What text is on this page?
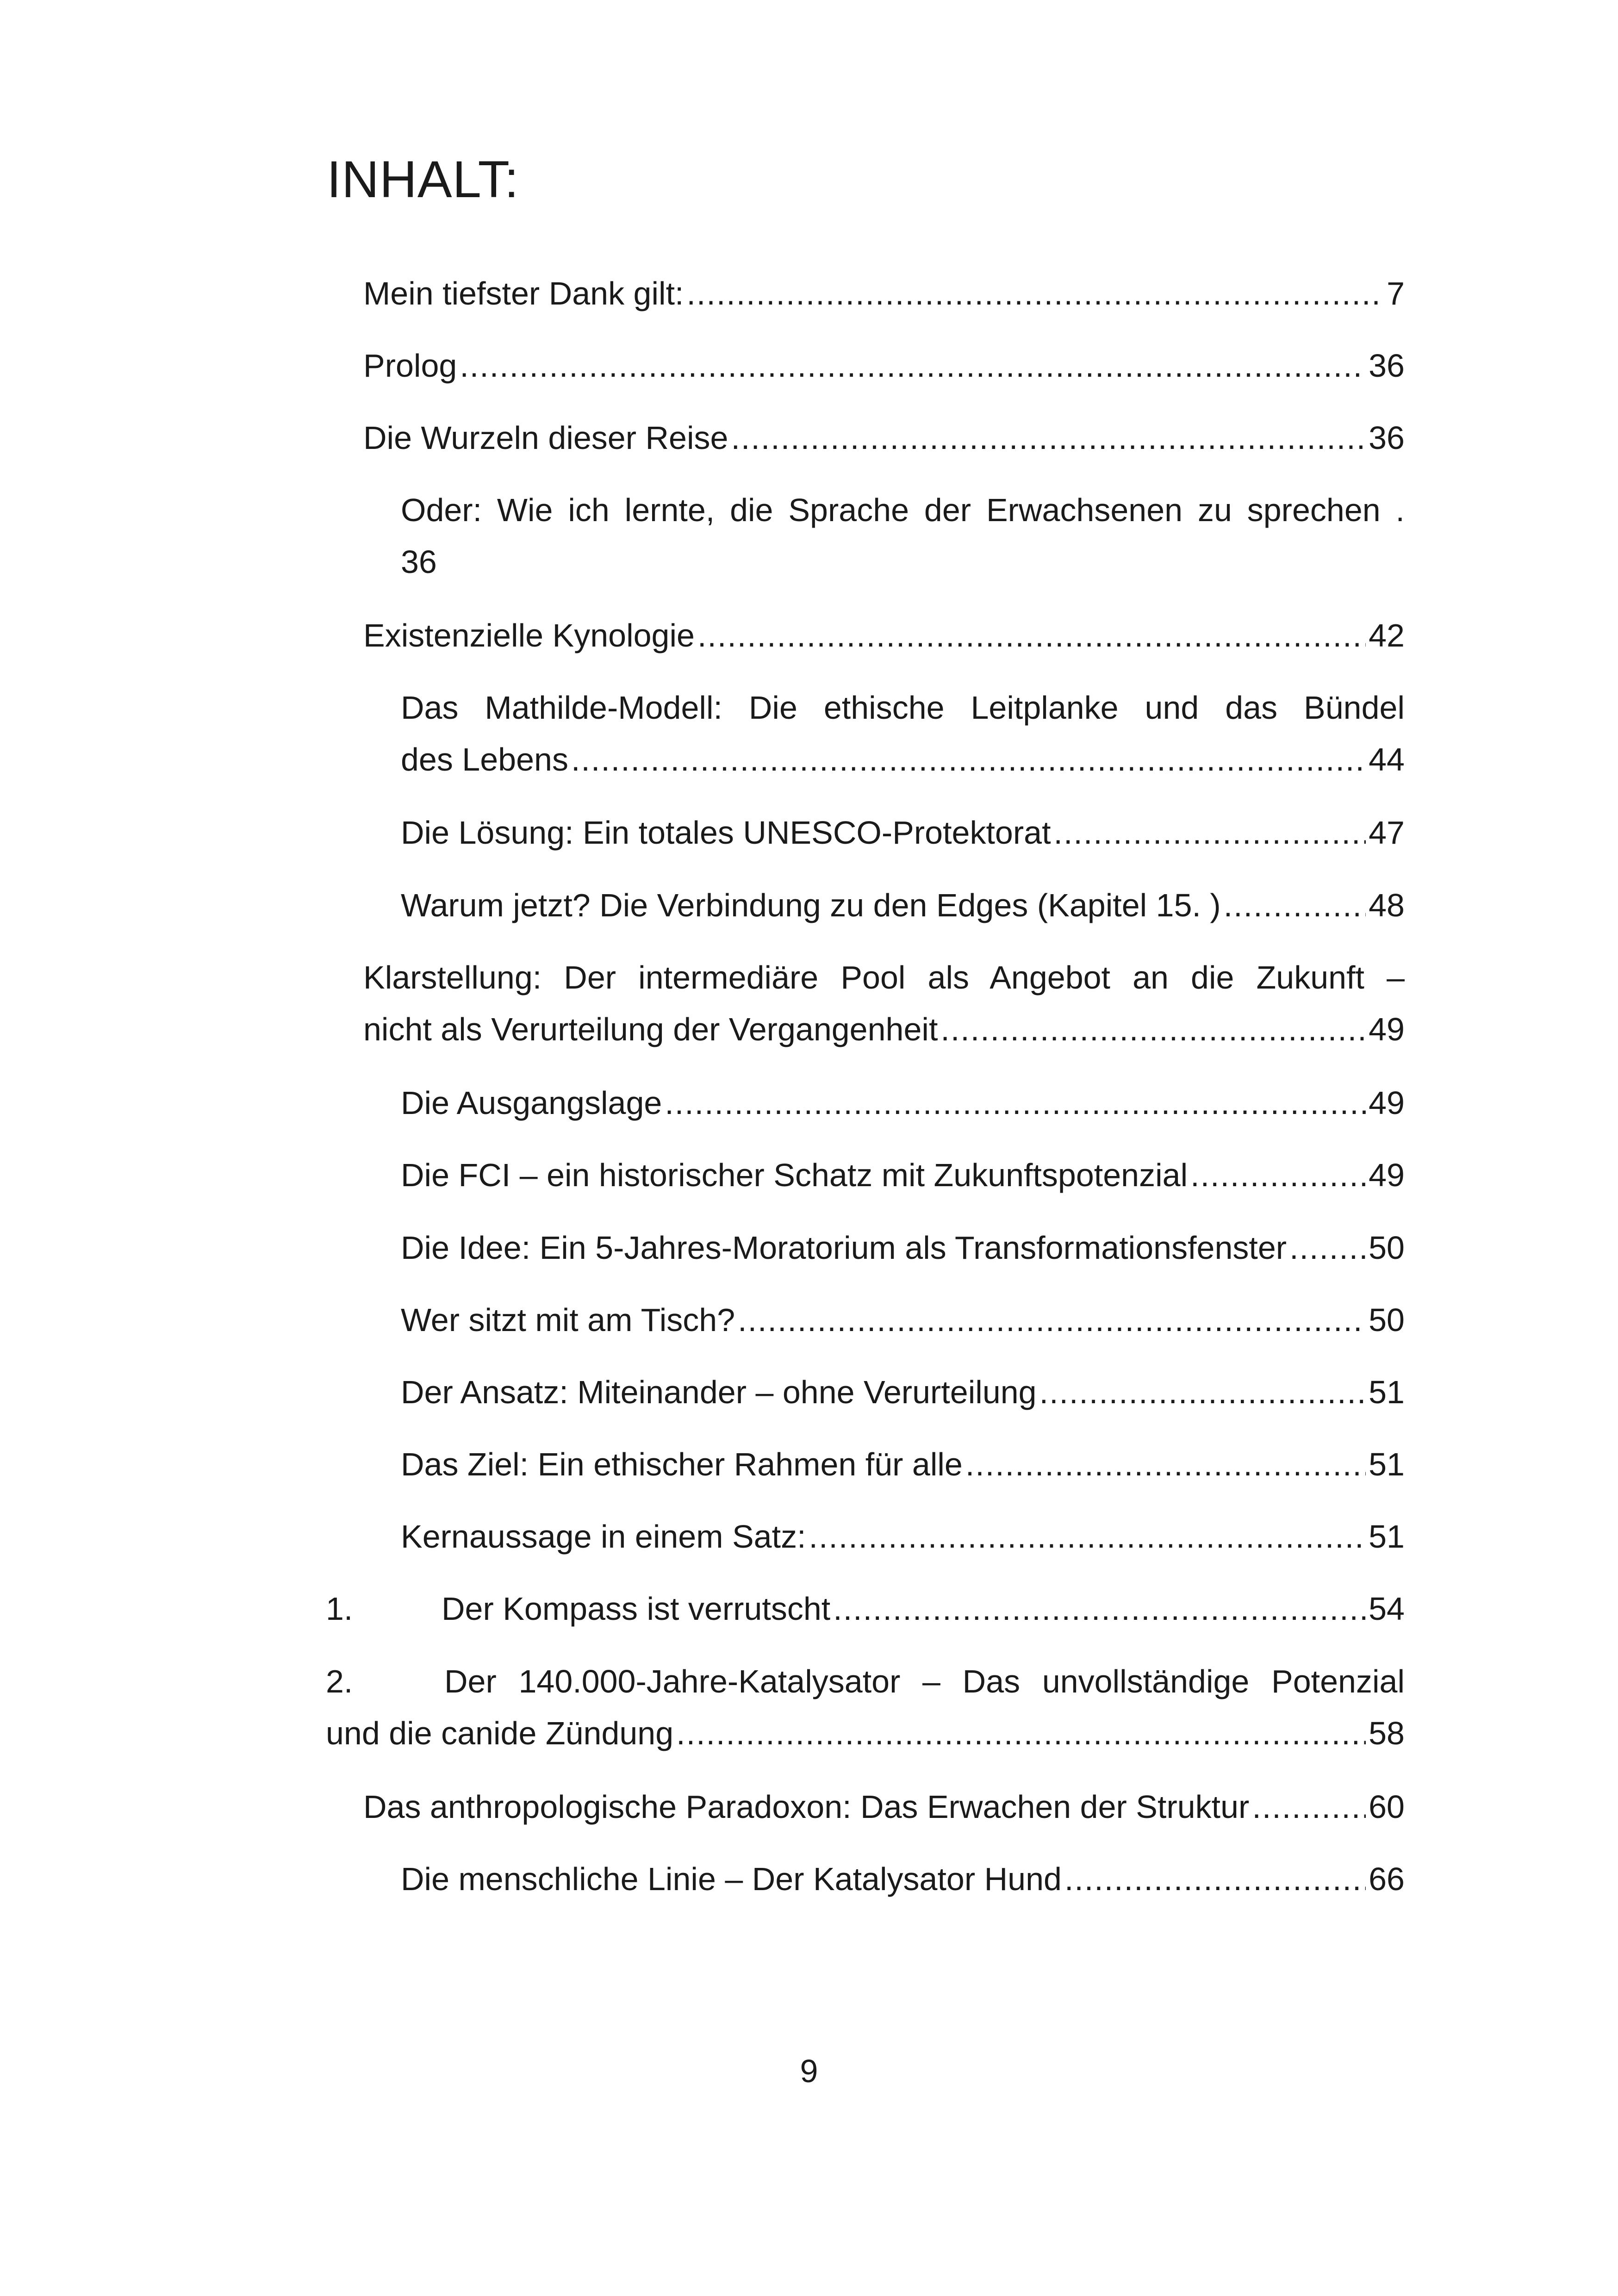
INHALT:
Mein tiefster Dank gilt: .....	7
Prolog .....	36
Die Wurzeln dieser Reise .....	36
Oder: Wie ich lernte, die Sprache der Erwachsenen zu sprechen .
36
Existenzielle Kynologie .....	42
Das Mathilde-Modell: Die ethische Leitplanke und das Bündel
des Lebens .....	44
Die Lösung: Ein totales UNESCO-Protektorat .....	47
Warum jetzt? Die Verbindung zu den Edges (Kapitel 15. ) .....	48
Klarstellung: Der intermediäre Pool als Angebot an die Zukunft –
nicht als Verurteilung der Vergangenheit .....	49
Die Ausgangslage .....	49
Die FCI – ein historischer Schatz mit Zukunftspotenzial .....	49
Die Idee: Ein 5-Jahres-Moratorium als Transformationsfenster .....	50
Wer sitzt mit am Tisch? .....	50
Der Ansatz: Miteinander – ohne Verurteilung .....	51
Das Ziel: Ein ethischer Rahmen für alle .....	51
Kernaussage in einem Satz: .....	51
1.	Der Kompass ist verrutscht .....	54
2.	Der 140.000-Jahre-Katalysator – Das unvollständige Potenzial
und die canide Zündung .....	58
Das anthropologische Paradoxon: Das Erwachen der Struktur .....	60
Die menschliche Linie – Der Katalysator Hund .....	66
9
